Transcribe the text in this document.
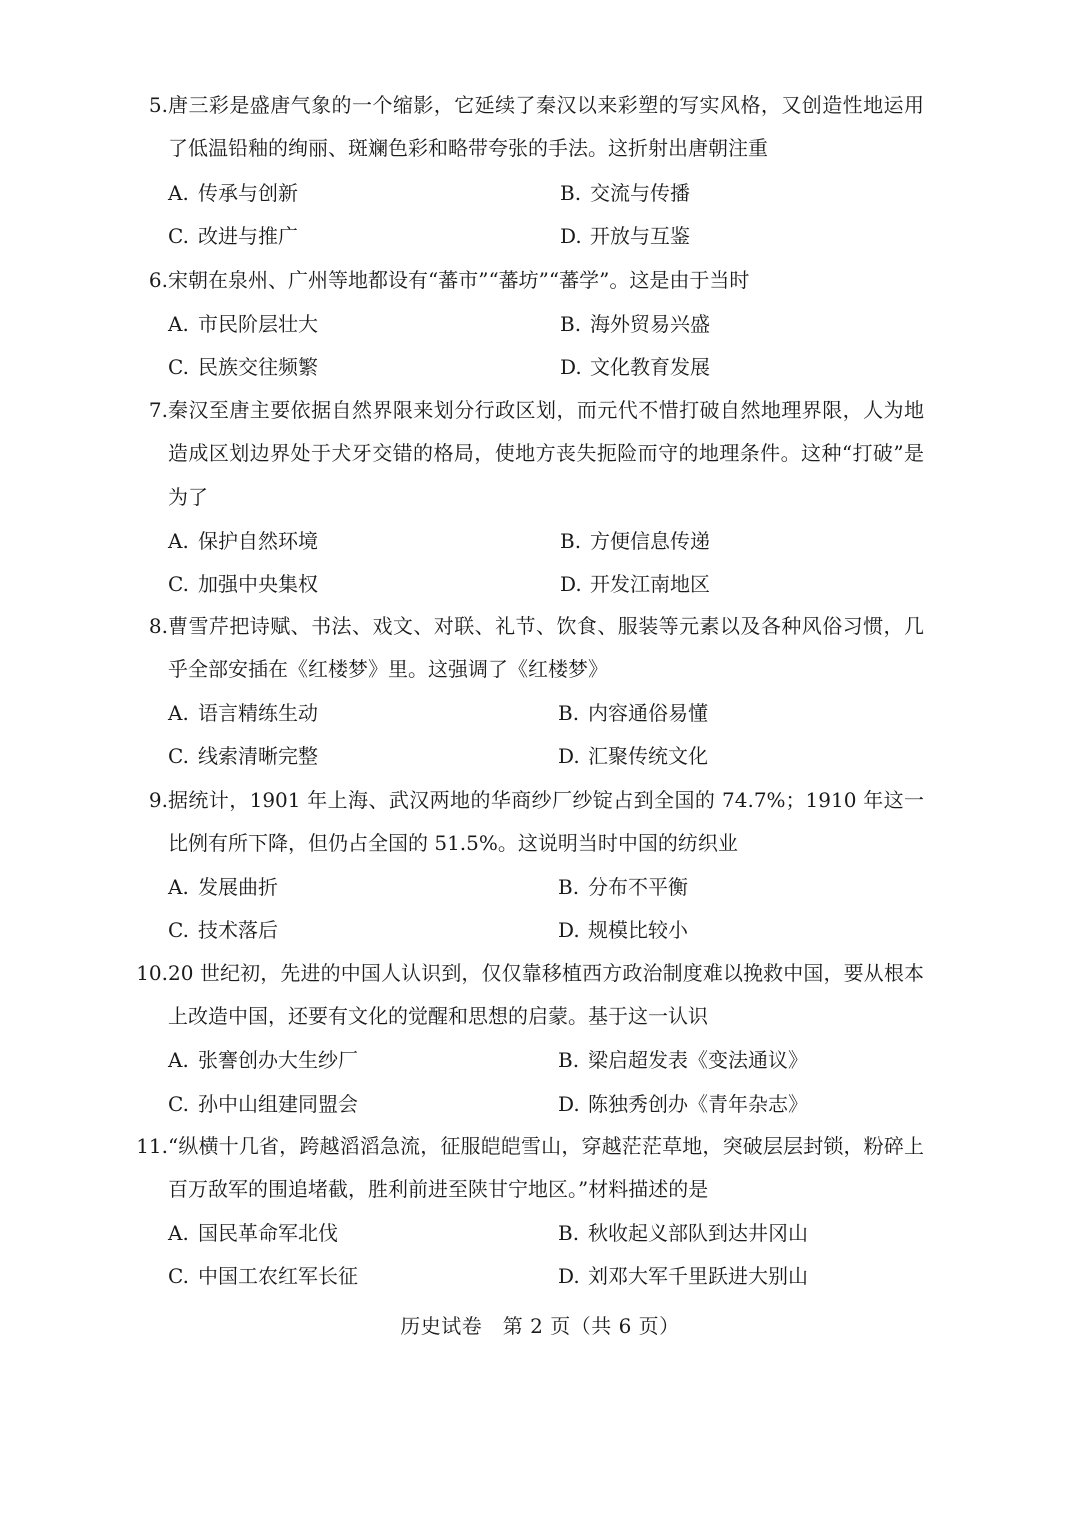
5. 唐三彩是盛唐气象的一个缩影，它延续了秦汉以来彩塑的写实风格，又创造性地运用了低温铅釉的绚丽、斑斓色彩和略带夸张的手法。这折射出唐朝注重
A. 传承与创新	B. 交流与传播
C. 改进与推广	D. 开放与互鉴
6. 宋朝在泉州、广州等地都设有“蕃市”“蕃坊”“蕃学”。这是由于当时
A. 市民阶层壮大	B. 海外贸易兴盛
C. 民族交往频繁	D. 文化教育发展
7. 秦汉至唐主要依据自然界限来划分行政区划，而元代不惜打破自然地理界限，人为地造成区划边界处于犬牙交错的格局，使地方丧失扼险而守的地理条件。这种“打破”是为了
A. 保护自然环境	B. 方便信息传递
C. 加强中央集权	D. 开发江南地区
8. 曹雪芹把诗赋、书法、戏文、对联、礼节、饮食、服装等元素以及各种风俗习惯，几乎全部安插在《红楼梦》里。这强调了《红楼梦》
A. 语言精练生动	B. 内容通俗易懂
C. 线索清晰完整	D. 汇聚传统文化
9. 据统计，1901 年上海、武汉两地的华商纱厂纱锭占到全国的 74.7%；1910 年这一比例有所下降，但仍占全国的 51.5%。这说明当时中国的纺织业
A. 发展曲折	B. 分布不平衡
C. 技术落后	D. 规模比较小
10. 20 世纪初，先进的中国人认识到，仅仅靠移植西方政治制度难以挽救中国，要从根本上改造中国，还要有文化的觉醒和思想的启蒙。基于这一认识
A. 张謇创办大生纱厂	B. 梁启超发表《变法通议》
C. 孙中山组建同盟会	D. 陈独秀创办《青年杂志》
11. “纵横十几省，跨越滔滔急流，征服皑皑雪山，穿越茫茫草地，突破层层封锁，粉碎上百万敌军的围追堵截，胜利前进至陕甘宁地区。”材料描述的是
A. 国民革命军北伐	B. 秋收起义部队到达井冈山
C. 中国工农红军长征	D. 刘邓大军千里跃进大别山
历史试卷　第 2 页（共 6 页）
